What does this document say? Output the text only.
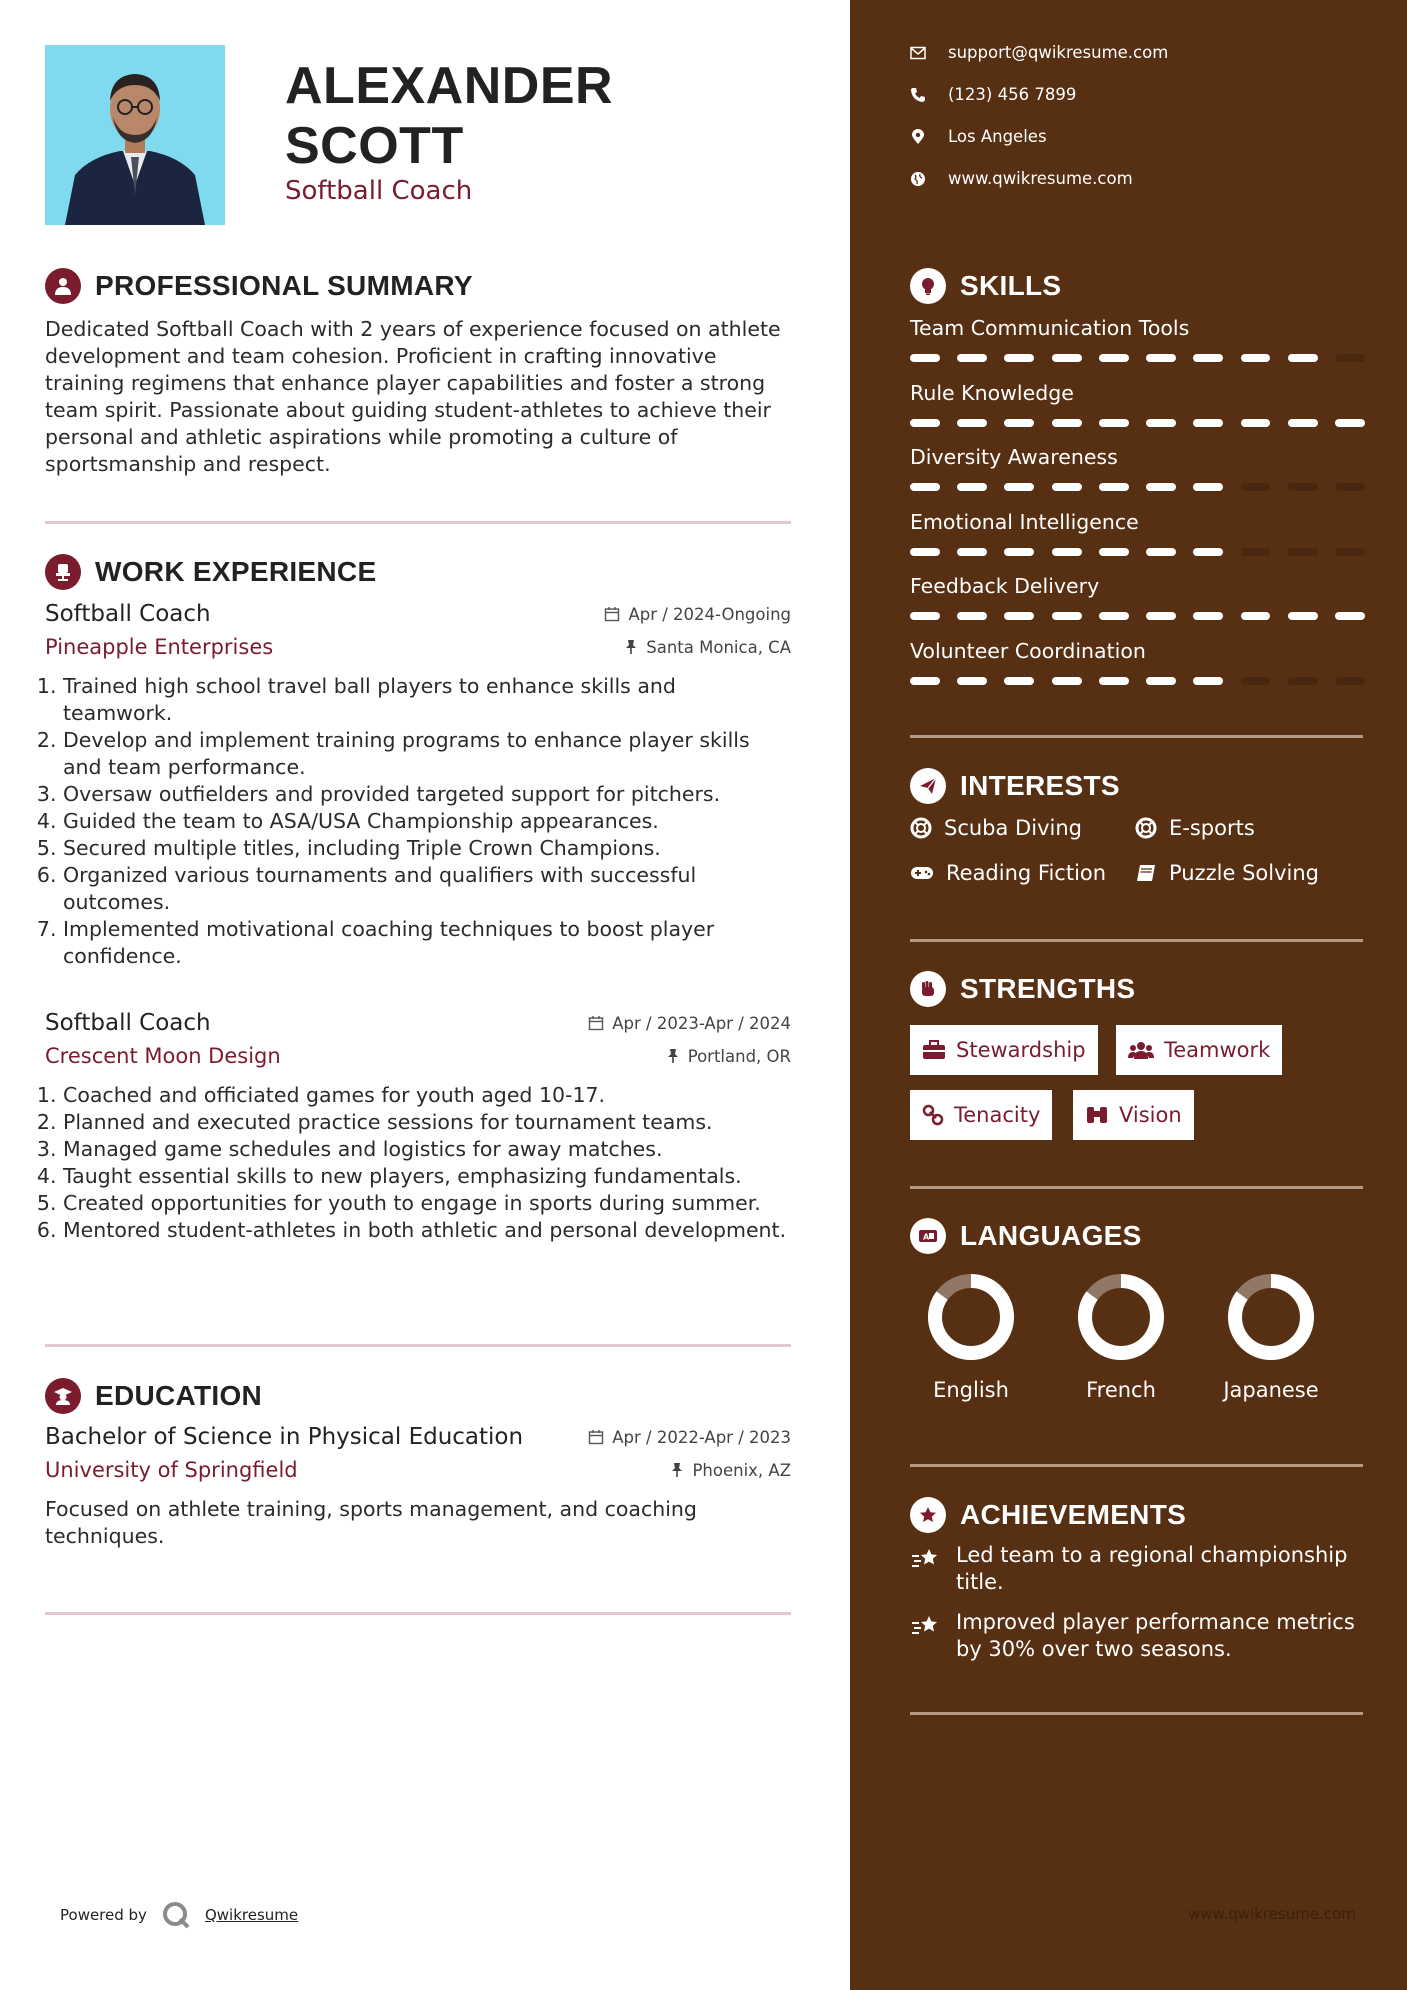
ALEXANDER
SCOTT
Softball Coach
PROFESSIONAL SUMMARY

Dedicated Softball Coach with 2 years of experience focused on athlete development and team cohesion. Proficient in crafting innovative training regimens that enhance player capabilities and foster a strong team spirit. Passionate about guiding student-athletes to achieve their personal and athletic aspirations while promoting a culture of sportsmanship and respect.

WORK EXPERIENCE
Softball Coach	Apr / 2024-Ongoing
Pineapple Enterprises	Santa Monica, CA
1. Trained high school travel ball players to enhance skills and teamwork.
2. Develop and implement training programs to enhance player skills and team performance.
3. Oversaw outfielders and provided targeted support for pitchers.
4. Guided the team to ASA/USA Championship appearances.
5. Secured multiple titles, including Triple Crown Champions.
6. Organized various tournaments and qualifiers with successful outcomes.
7. Implemented motivational coaching techniques to boost player confidence.
Softball Coach	Apr / 2023-Apr / 2024
Crescent Moon Design	Portland, OR
1. Coached and officiated games for youth aged 10-17.
2. Planned and executed practice sessions for tournament teams.
3. Managed game schedules and logistics for away matches.
4. Taught essential skills to new players, emphasizing fundamentals.
5. Created opportunities for youth to engage in sports during summer.
6. Mentored student-athletes in both athletic and personal development.
EDUCATION
Bachelor of Science in Physical Education	Apr / 2022-Apr / 2023
University of Springfield	Phoenix, AZ

Focused on athlete training, sports management, and coaching techniques.

Powered by	Qwikresume
support@qwikresume.com
(123) 456 7899
Los Angeles
www.qwikresume.com
SKILLS
Team Communication Tools
Rule Knowledge
Diversity Awareness
Emotional Intelligence
Feedback Delivery
Volunteer Coordination
INTERESTS
Scuba Diving	E-sports
Reading Fiction	Puzzle Solving
STRENGTHS
Stewardship	Teamwork
Tenacity	Vision
A LANGUAGES
English	French	Japanese
ACHIEVEMENTS
Led team to a regional championship title.
Improved player performance metrics by 30% over two seasons.
www.qwikresume.com
